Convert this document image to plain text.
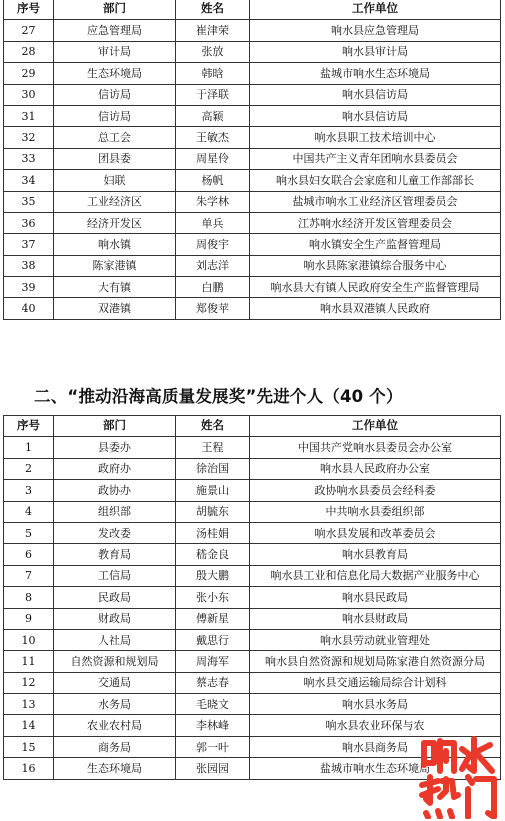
序号	部门	姓名	工作单位
27	应急管理局	崔津荣	响水县应急管理局
28	审计局	张放	响水县审计局
29	生态环境局	韩晗	盐城市响水生态环境局
30	信访局	于泽联	响水县信访局
31	信访局	高颖	响水县信访局
32	总工会	王敏杰	响水县职工技术培训中心
33	团县委	周星伶	中国共产主义青年团响水县委员会
34	妇联	杨帆	响水县妇女联合会家庭和儿童工作部部长
35	工业经济区	朱学林	盐城市响水工业经济区管理委员会
36	经济开发区	单兵	江苏响水经济开发区管理委员会
37	响水镇	周俊宇	响水镇安全生产监督管理局
38	陈家港镇	刘志洋	响水县陈家港镇综合服务中心
39	大有镇	白鹏	响水县大有镇人民政府安全生产监督管理局
40	双港镇	郑俊苹	响水县双港镇人民政府
二、“推动沿海高质量发展奖”先进个人（40 个）
序号	部门	姓名	工作单位
1	县委办	王程	中国共产党响水县委员会办公室
2	政府办	徐治国	响水县人民政府办公室
3	政协办	施景山	政协响水县委员会经科委
4	组织部	胡毓东	中共响水县委组织部
5	发改委	汤桂娟	响水县发展和改革委员会
6	教育局	嵇金良	响水县教育局
7	工信局	殷大鹏	响水县工业和信息化局大数据产业服务中心
8	民政局	张小东	响水县民政局
9	财政局	傅新星	响水县财政局
10	人社局	戴思行	响水县劳动就业管理处
11	自然资源和规划局	周海军	响水县自然资源和规划局陈家港自然资源分局
12	交通局	蔡志春	响水县交通运输局综合计划科
13	水务局	毛晓文	响水县水务局
14	农业农村局	李林峰	响水县农业环保与农
15	商务局	郭一叶	响水县商务局
16	生态环境局	张园园	盐城市响水生态环境局
